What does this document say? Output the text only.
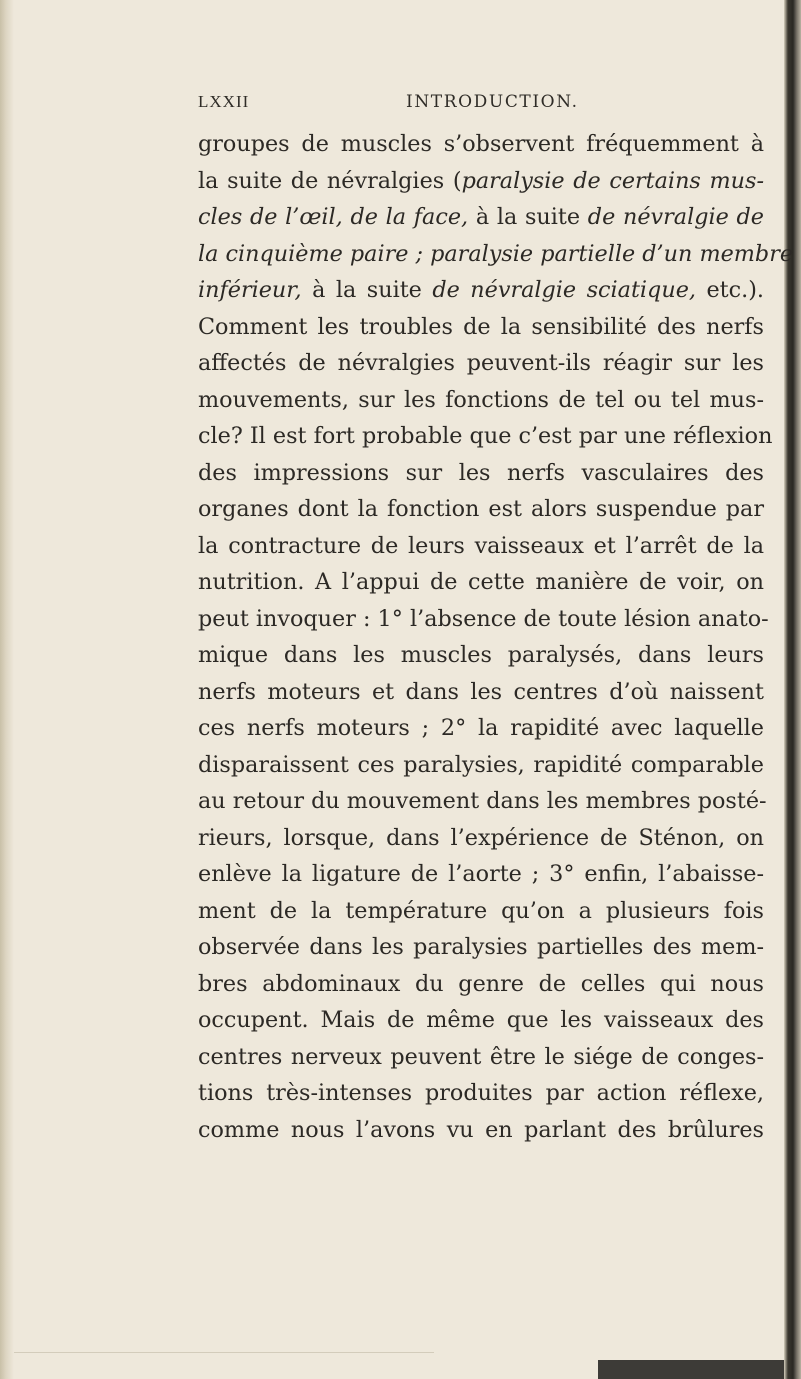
LXXII	INTRODUCTION.
groupes de muscles s’observent fréquemment à
la suite de névralgies (paralysie de certains mus-
cles de l’œil, de la face, à la suite de névralgie de
la cinquième paire ; paralysie partielle d’un membre
inférieur, à la suite de névralgie sciatique, etc.).
Comment les troubles de la sensibilité des nerfs
affectés de névralgies peuvent-ils réagir sur les
mouvements, sur les fonctions de tel ou tel mus-
cle? Il est fort probable que c’est par une réflexion
des impressions sur les nerfs vasculaires des
organes dont la fonction est alors suspendue par
la contracture de leurs vaisseaux et l’arrêt de la
nutrition. A l’appui de cette manière de voir, on
peut invoquer : 1° l’absence de toute lésion anato-
mique dans les muscles paralysés, dans leurs
nerfs moteurs et dans les centres d’où naissent
ces nerfs moteurs ; 2° la rapidité avec laquelle
disparaissent ces paralysies, rapidité comparable
au retour du mouvement dans les membres posté-
rieurs, lorsque, dans l’expérience de Sténon, on
enlève la ligature de l’aorte ; 3° enfin, l’abaisse-
ment de la température qu’on a plusieurs fois
observée dans les paralysies partielles des mem-
bres abdominaux du genre de celles qui nous
occupent. Mais de même que les vaisseaux des
centres nerveux peuvent être le siége de conges-
tions très-intenses produites par action réflexe,
comme nous l’avons vu en parlant des brûlures
